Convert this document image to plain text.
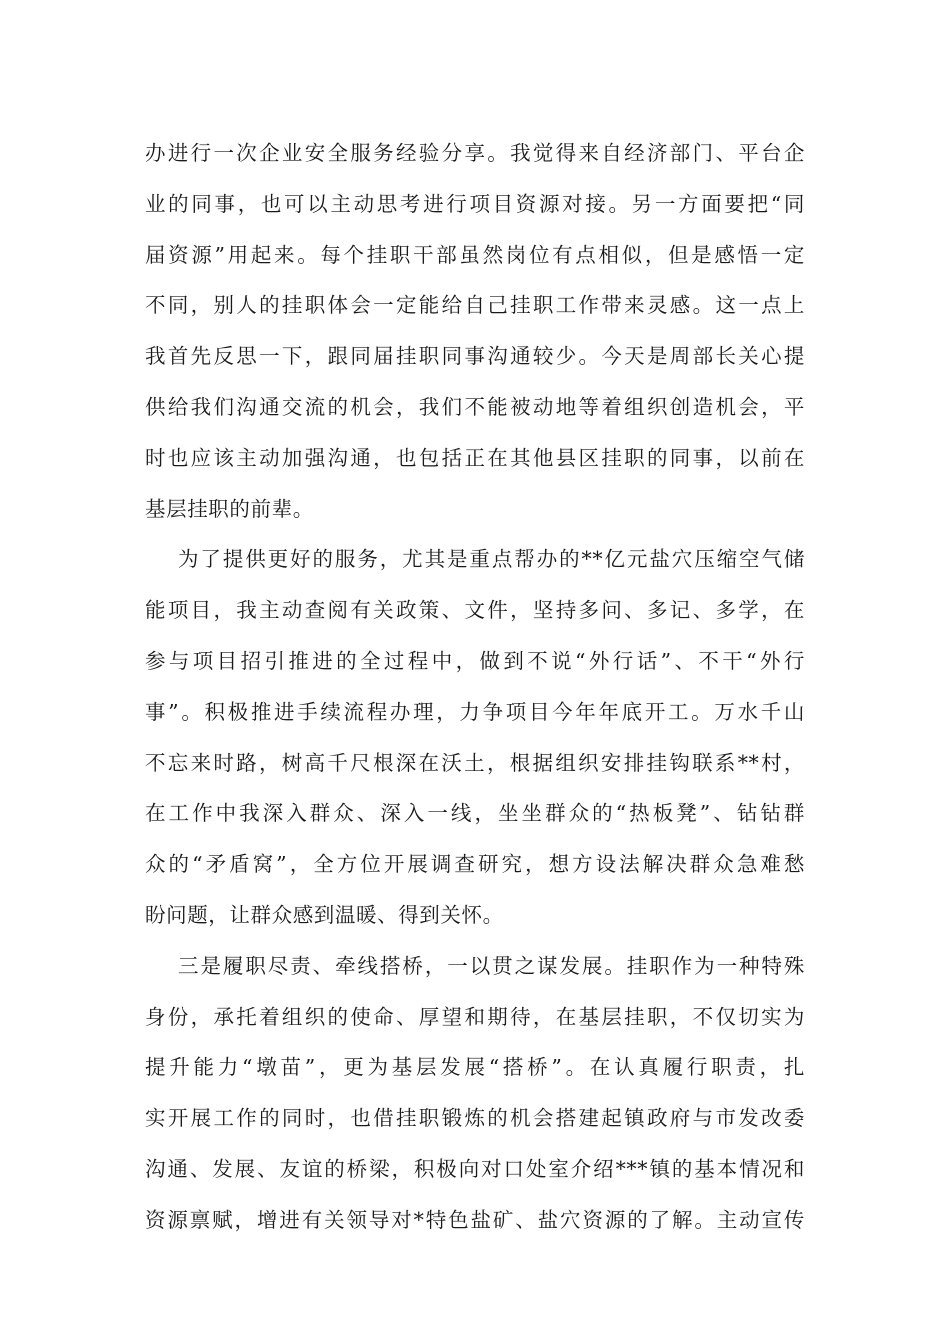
办进行一次企业安全服务经验分享。我觉得来自经济部门、平台企
业的同事，也可以主动思考进行项目资源对接。另一方面要把“同
届资源”用起来。每个挂职干部虽然岗位有点相似，但是感悟一定
不同，别人的挂职体会一定能给自己挂职工作带来灵感。这一点上
我首先反思一下，跟同届挂职同事沟通较少。今天是周部长关心提
供给我们沟通交流的机会，我们不能被动地等着组织创造机会，平
时也应该主动加强沟通，也包括正在其他县区挂职的同事，以前在
基层挂职的前辈。
为了提供更好的服务，尤其是重点帮办的**亿元盐穴压缩空气储
能项目，我主动查阅有关政策、文件，坚持多问、多记、多学，在
参与项目招引推进的全过程中，做到不说“外行话”、不干“外行
事”。积极推进手续流程办理，力争项目今年年底开工。万水千山
不忘来时路，树高千尺根深在沃土，根据组织安排挂钩联系**村，
在工作中我深入群众、深入一线，坐坐群众的“热板凳”、钻钻群
众的“矛盾窝”，全方位开展调查研究，想方设法解决群众急难愁
盼问题，让群众感到温暖、得到关怀。
三是履职尽责、牵线搭桥，一以贯之谋发展。挂职作为一种特殊
身份，承托着组织的使命、厚望和期待，在基层挂职，不仅切实为
提升能力“墩苗”，更为基层发展“搭桥”。在认真履行职责，扎
实开展工作的同时，也借挂职锻炼的机会搭建起镇政府与市发改委
沟通、发展、友谊的桥梁，积极向对口处室介绍***镇的基本情况和
资源禀赋，增进有关领导对*特色盐矿、盐穴资源的了解。主动宣传
